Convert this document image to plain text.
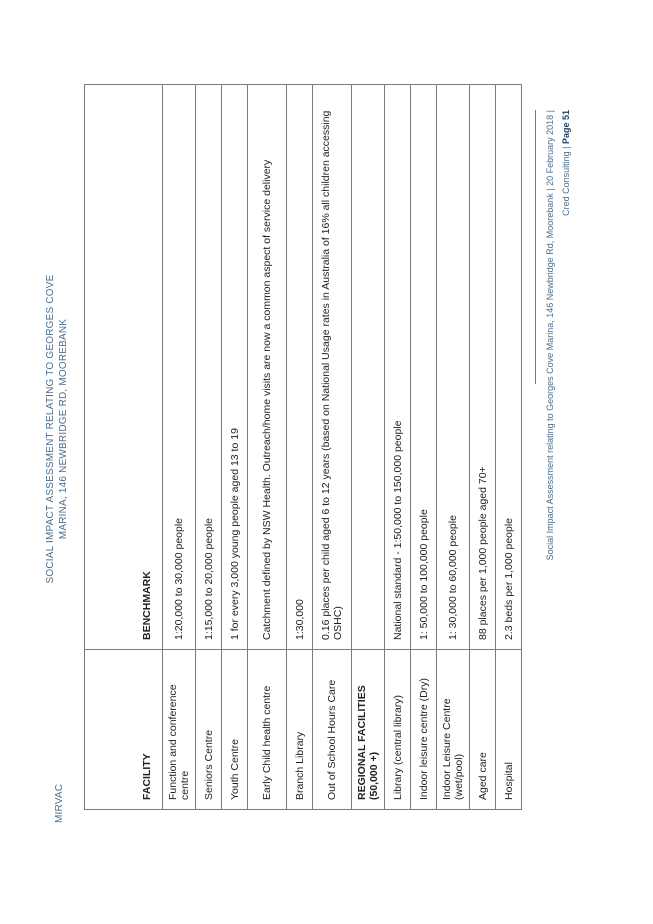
MIRVAC
SOCIAL IMPACT ASSESSMENT RELATING TO GEORGES COVE MARINA, 146 NEWBRIDGE RD, MOOREBANK
FACILITY	BENCHMARK
Function and conference centre	1:20,000 to 30,000 people
Seniors Centre	1:15,000 to 20,000 people
Youth Centre	1 for every 3,000 young people aged 13 to 19
Early Child health centre	Catchment defined by NSW Health. Outreach/home visits are now a common aspect of service delivery
Branch Library	1:30,000
Out of School Hours Care	0.16 places per child aged 6 to 12 years (based on National Usage rates in Australia of 16% all children accessing OSHC)
REGIONAL FACILITIES (50,000 +)	
Library (central library)	National standard - 1:50,000 to 150,000 people
Indoor leisure centre (Dry)	1: 50,000 to 100,000 people
Indoor Leisure Centre (wet/pool)	1: 30,000 to 60,000 people
Aged care	88 places per 1,000 people aged 70+
Hospital	2.3 beds per 1,000 people
Social Impact Assessment relating to Georges Cove Marina, 146 Newbridge Rd, Moorebank | 20 February 2018 | Cred Consulting | Page 51
